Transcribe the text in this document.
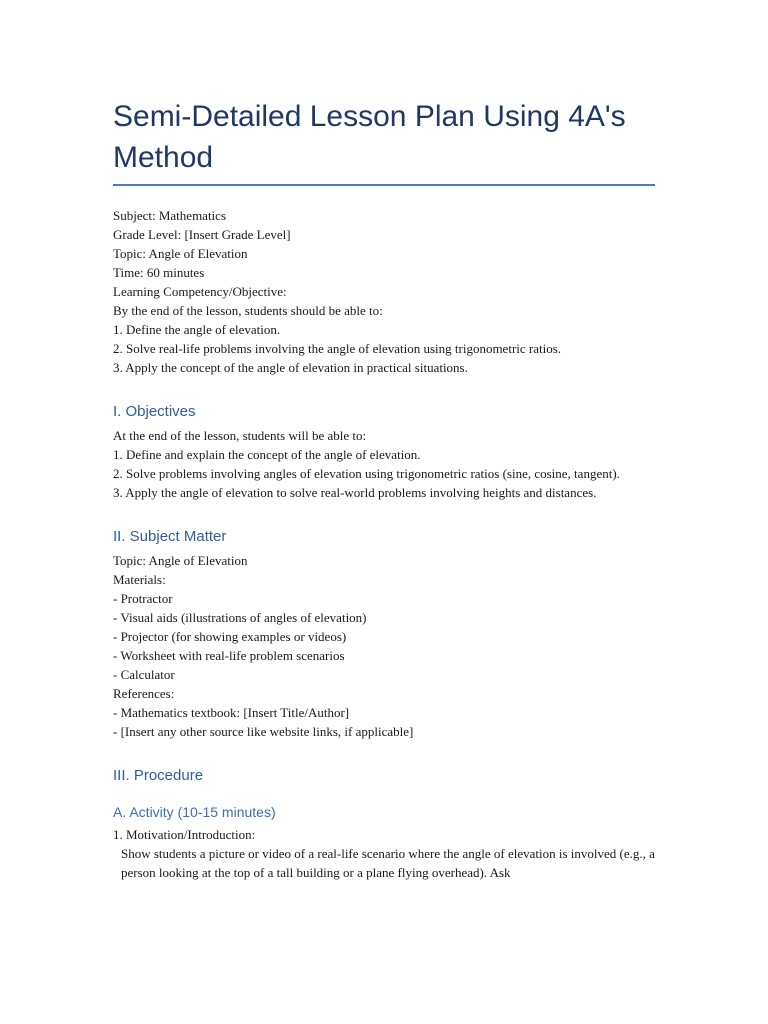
Semi-Detailed Lesson Plan Using 4A's Method
Subject: Mathematics
Grade Level: [Insert Grade Level]
Topic: Angle of Elevation
Time: 60 minutes
Learning Competency/Objective:
By the end of the lesson, students should be able to:
1. Define the angle of elevation.
2. Solve real-life problems involving the angle of elevation using trigonometric ratios.
3. Apply the concept of the angle of elevation in practical situations.
I. Objectives
At the end of the lesson, students will be able to:
1. Define and explain the concept of the angle of elevation.
2. Solve problems involving angles of elevation using trigonometric ratios (sine, cosine, tangent).
3. Apply the angle of elevation to solve real-world problems involving heights and distances.
II. Subject Matter
Topic: Angle of Elevation
Materials:
- Protractor
- Visual aids (illustrations of angles of elevation)
- Projector (for showing examples or videos)
- Worksheet with real-life problem scenarios
- Calculator
References:
- Mathematics textbook: [Insert Title/Author]
- [Insert any other source like website links, if applicable]
III. Procedure
A. Activity (10-15 minutes)
1. Motivation/Introduction:
Show students a picture or video of a real-life scenario where the angle of elevation is involved (e.g., a person looking at the top of a tall building or a plane flying overhead). Ask
